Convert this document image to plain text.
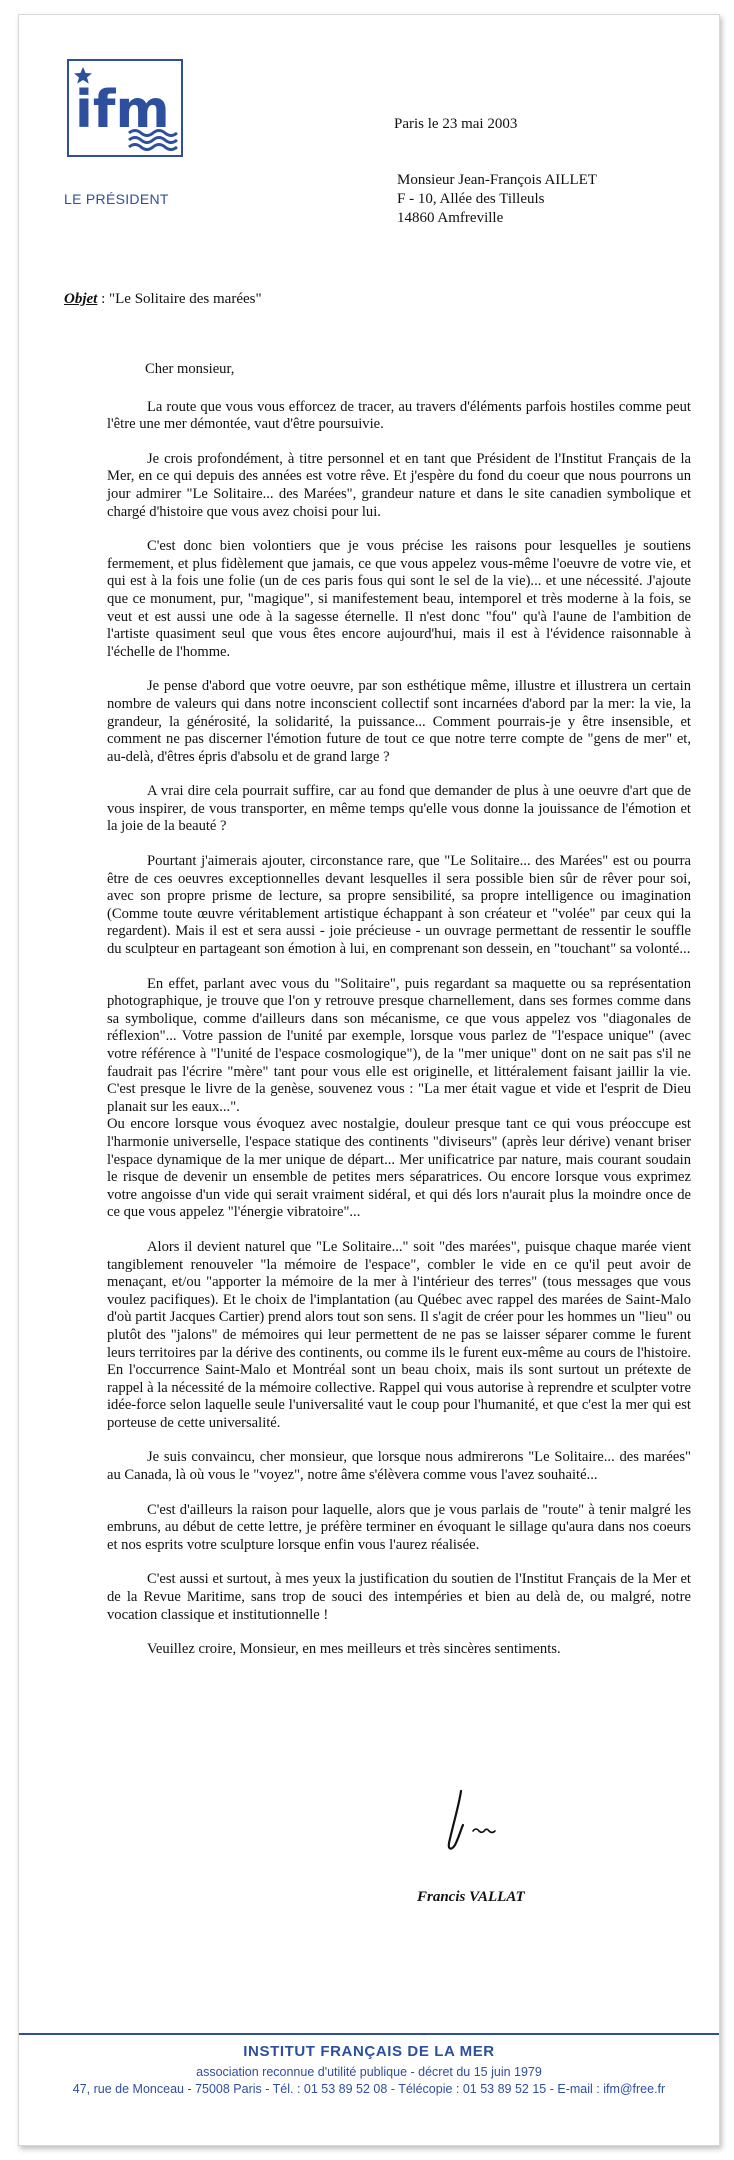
ifm
LE PRÉSIDENT
Paris le 23 mai 2003
Monsieur Jean-François AILLET
F - 10, Allée des Tilleuls
14860 Amfreville
Objet : "Le Solitaire des marées"

Cher monsieur,

La route que vous vous efforcez de tracer, au travers d'éléments parfois hostiles comme peut l'être une mer démontée, vaut d'être poursuivie.

Je crois profondément, à titre personnel et en tant que Président de l'Institut Français de la Mer, en ce qui depuis des années est votre rêve. Et j'espère du fond du coeur que nous pourrons un jour admirer "Le Solitaire... des Marées", grandeur nature et dans le site canadien symbolique et chargé d'histoire que vous avez choisi pour lui.

C'est donc bien volontiers que je vous précise les raisons pour lesquelles je soutiens fermement, et plus fidèlement que jamais, ce que vous appelez vous-même l'oeuvre de votre vie, et qui est à la fois une folie (un de ces paris fous qui sont le sel de la vie)... et une nécessité. J'ajoute que ce monument, pur, "magique", si manifestement beau, intemporel et très moderne à la fois, se veut et est aussi une ode à la sagesse éternelle. Il n'est donc "fou" qu'à l'aune de l'ambition de l'artiste quasiment seul que vous êtes encore aujourd'hui, mais il est à l'évidence raisonnable à l'échelle de l'homme.

Je pense d'abord que votre oeuvre, par son esthétique même, illustre et illustrera un certain nombre de valeurs qui dans notre inconscient collectif sont incarnées d'abord par la mer: la vie, la grandeur, la générosité, la solidarité, la puissance... Comment pourrais-je y être insensible, et comment ne pas discerner l'émotion future de tout ce que notre terre compte de "gens de mer" et, au-delà, d'êtres épris d'absolu et de grand large ?

A vrai dire cela pourrait suffire, car au fond que demander de plus à une oeuvre d'art que de vous inspirer, de vous transporter, en même temps qu'elle vous donne la jouissance de l'émotion et la joie de la beauté ?

Pourtant j'aimerais ajouter, circonstance rare, que "Le Solitaire... des Marées" est ou pourra être de ces oeuvres exceptionnelles devant lesquelles il sera possible bien sûr de rêver pour soi, avec son propre prisme de lecture, sa propre sensibilité, sa propre intelligence ou imagination (Comme toute œuvre véritablement artistique échappant à son créateur et "volée" par ceux qui la regardent). Mais il est et sera aussi - joie précieuse - un ouvrage permettant de ressentir le souffle du sculpteur en partageant son émotion à lui, en comprenant son dessein, en "touchant" sa volonté...

En effet, parlant avec vous du "Solitaire", puis regardant sa maquette ou sa représentation photographique, je trouve que l'on y retrouve presque charnellement, dans ses formes comme dans sa symbolique, comme d'ailleurs dans son mécanisme, ce que vous appelez vos "diagonales de réflexion"... Votre passion de l'unité par exemple, lorsque vous parlez de "l'espace unique" (avec votre référence à "l'unité de l'espace cosmologique"), de la "mer unique" dont on ne sait pas s'il ne faudrait pas l'écrire "mère" tant pour vous elle est originelle, et littéralement faisant jaillir la vie. C'est presque le livre de la genèse, souvenez vous : "La mer était vague et vide et l'esprit de Dieu planait sur les eaux...".

Ou encore lorsque vous évoquez avec nostalgie, douleur presque tant ce qui vous préoccupe est l'harmonie universelle, l'espace statique des continents "diviseurs" (après leur dérive) venant briser l'espace dynamique de la mer unique de départ... Mer unificatrice par nature, mais courant soudain le risque de devenir un ensemble de petites mers séparatrices. Ou encore lorsque vous exprimez votre angoisse d'un vide qui serait vraiment sidéral, et qui dés lors n'aurait plus la moindre once de ce que vous appelez "l'énergie vibratoire"...

Alors il devient naturel que "Le Solitaire..." soit "des marées", puisque chaque marée vient tangiblement renouveler "la mémoire de l'espace", combler le vide en ce qu'il peut avoir de menaçant, et/ou "apporter la mémoire de la mer à l'intérieur des terres" (tous messages que vous voulez pacifiques). Et le choix de l'implantation (au Québec avec rappel des marées de Saint-Malo d'où partit Jacques Cartier) prend alors tout son sens. Il s'agit de créer pour les hommes un "lieu" ou plutôt des "jalons" de mémoires qui leur permettent de ne pas se laisser séparer comme le furent leurs territoires par la dérive des continents, ou comme ils le furent eux-même au cours de l'histoire. En l'occurrence Saint-Malo et Montréal sont un beau choix, mais ils sont surtout un prétexte de rappel à la nécessité de la mémoire collective. Rappel qui vous autorise à reprendre et sculpter votre idée-force selon laquelle seule l'universalité vaut le coup pour l'humanité, et que c'est la mer qui est porteuse de cette universalité.

Je suis convaincu, cher monsieur, que lorsque nous admirerons "Le Solitaire... des marées" au Canada, là où vous le "voyez", notre âme s'élèvera comme vous l'avez souhaité...

C'est d'ailleurs la raison pour laquelle, alors que je vous parlais de "route" à tenir malgré les embruns, au début de cette lettre, je préfère terminer en évoquant le sillage qu'aura dans nos coeurs et nos esprits votre sculpture lorsque enfin vous l'aurez réalisée.

C'est aussi et surtout, à mes yeux la justification du soutien de l'Institut Français de la Mer et de la Revue Maritime, sans trop de souci des intempéries et bien au delà de, ou malgré, notre vocation classique et institutionnelle !

Veuillez croire, Monsieur, en mes meilleurs et très sincères sentiments.

Francis VALLAT
INSTITUT FRANÇAIS DE LA MER
association reconnue d'utilité publique - décret du 15 juin 1979
47, rue de Monceau - 75008 Paris - Tél. : 01 53 89 52 08 - Télécopie : 01 53 89 52 15 - E-mail : ifm@free.fr
